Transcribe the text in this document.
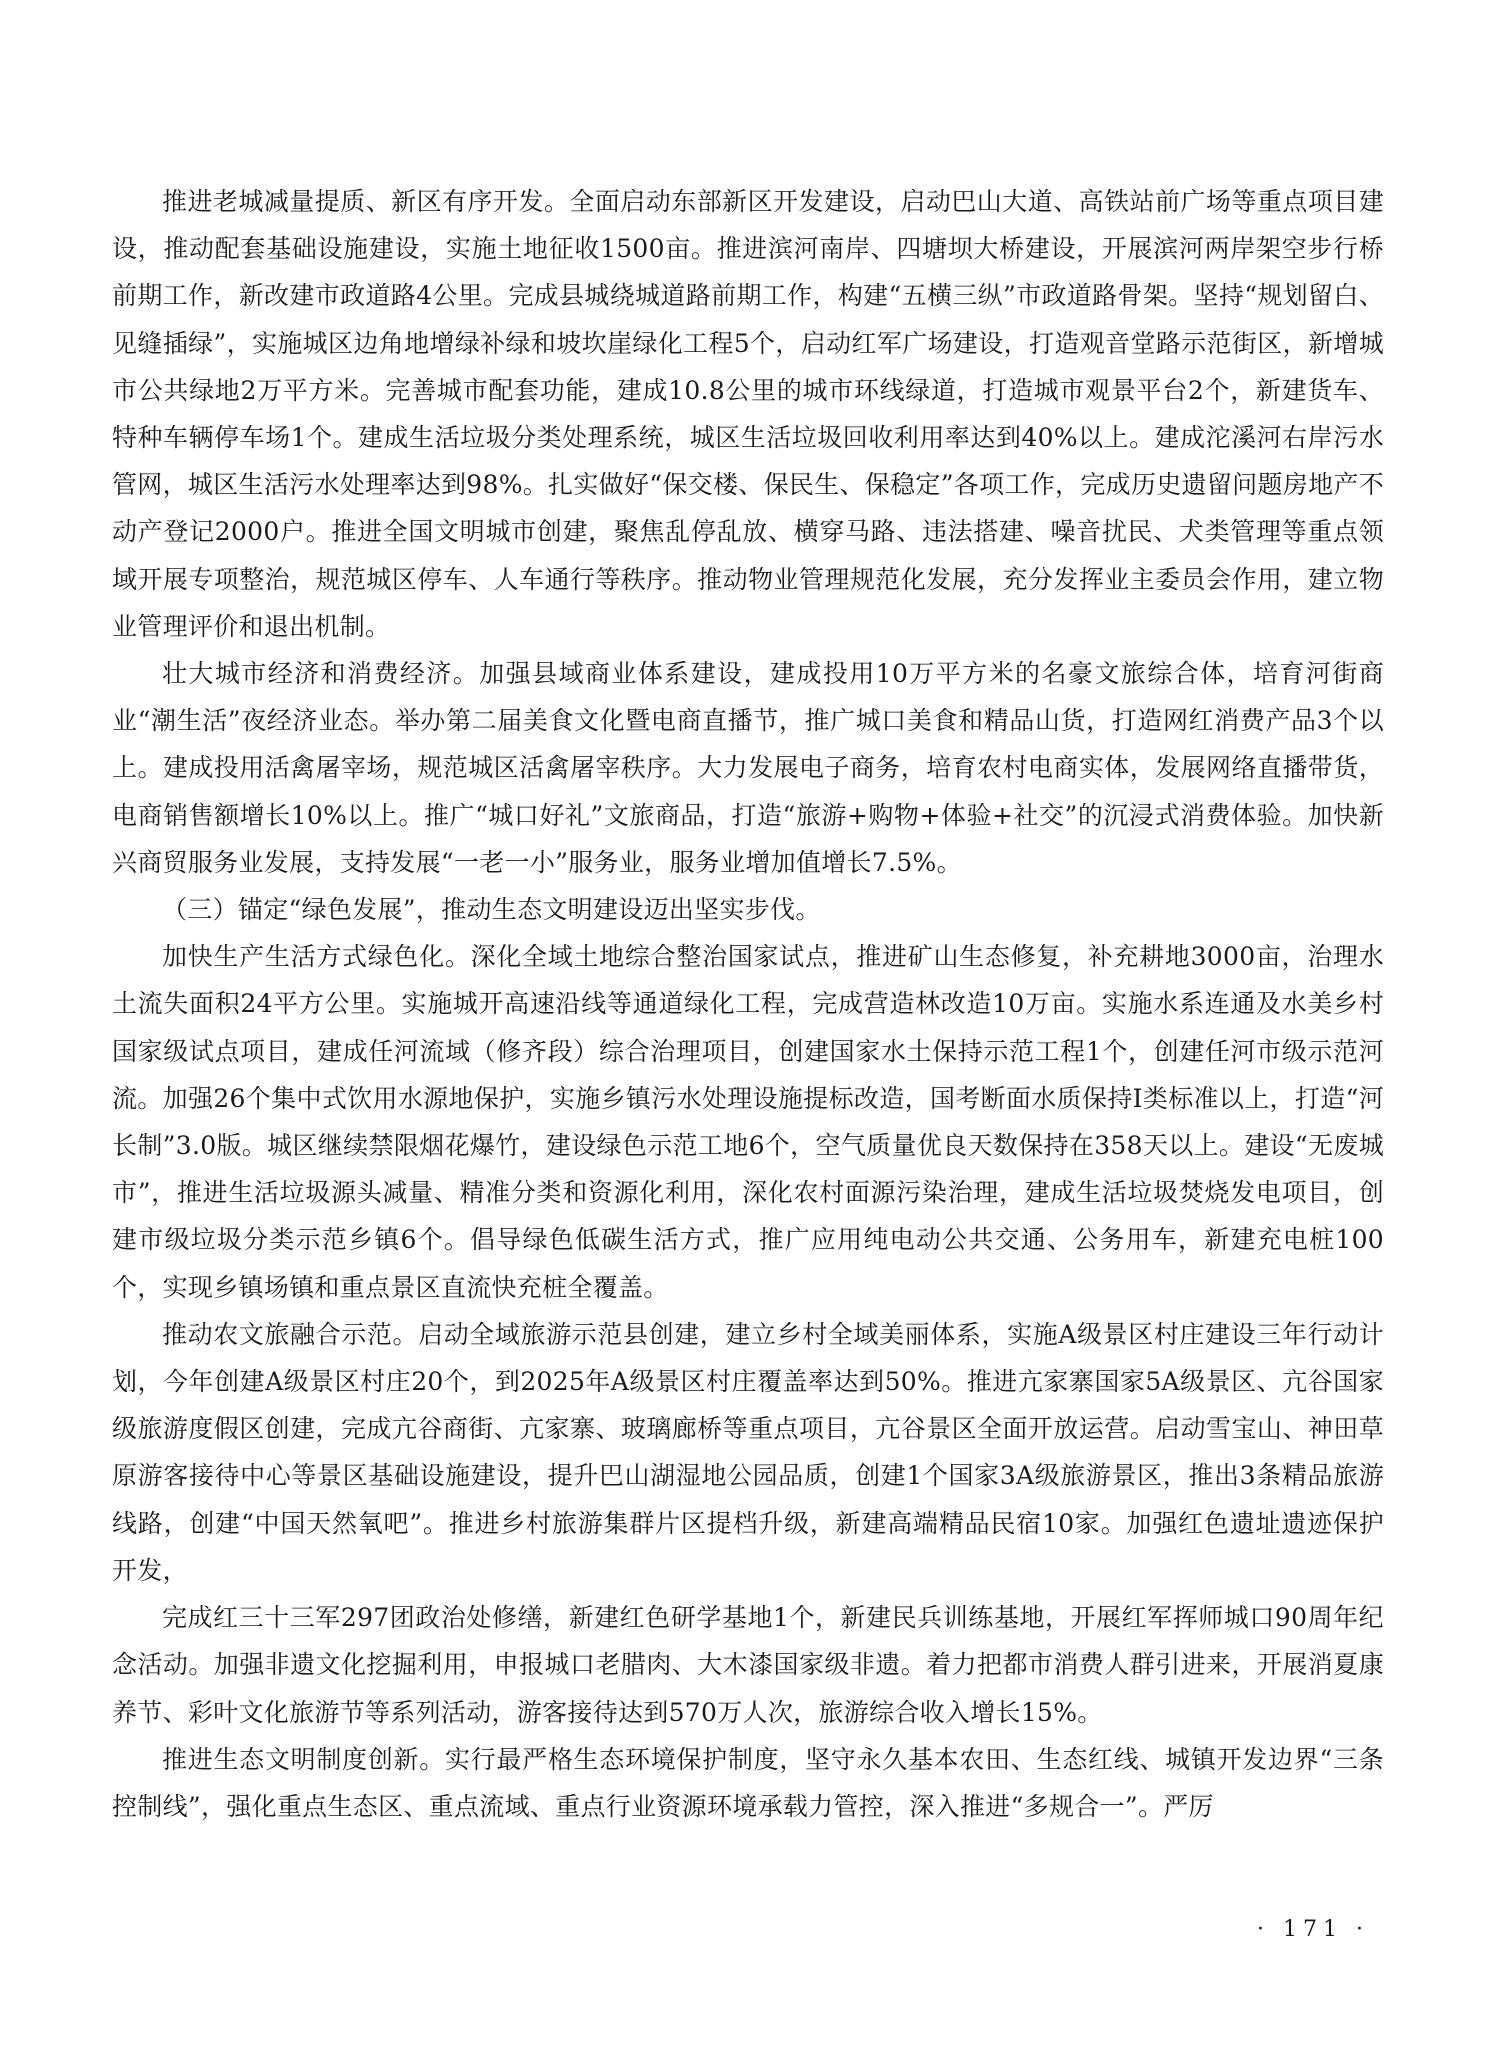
推进老城减量提质、新区有序开发。全面启动东部新区开发建设，启动巴山大道、高铁站前广场等重点项目建设，推动配套基础设施建设，实施土地征收1500亩。推进滨河南岸、四塘坝大桥建设，开展滨河两岸架空步行桥前期工作，新改建市政道路4公里。完成县城绕城道路前期工作，构建“五横三纵”市政道路骨架。坚持“规划留白、见缝插绿”，实施城区边角地增绿补绿和坡坎崖绿化工程5个，启动红军广场建设，打造观音堂路示范街区，新增城市公共绿地2万平方米。完善城市配套功能，建成10.8公里的城市环线绿道，打造城市观景平台2个，新建货车、特种车辆停车场1个。建成生活垃圾分类处理系统，城区生活垃圾回收利用率达到40%以上。建成沱溪河右岸污水管网，城区生活污水处理率达到98%。扎实做好“保交楼、保民生、保稳定”各项工作，完成历史遗留问题房地产不动产登记2000户。推进全国文明城市创建，聚焦乱停乱放、横穿马路、违法搭建、噪音扰民、犬类管理等重点领域开展专项整治，规范城区停车、人车通行等秩序。推动物业管理规范化发展，充分发挥业主委员会作用，建立物业管理评价和退出机制。

壮大城市经济和消费经济。加强县域商业体系建设，建成投用10万平方米的名豪文旅综合体，培育河街商业“潮生活”夜经济业态。举办第二届美食文化暨电商直播节，推广城口美食和精品山货，打造网红消费产品3个以上。建成投用活禽屠宰场，规范城区活禽屠宰秩序。大力发展电子商务，培育农村电商实体，发展网络直播带货，电商销售额增长10%以上。推广“城口好礼”文旅商品，打造“旅游+购物+体验+社交”的沉浸式消费体验。加快新兴商贸服务业发展，支持发展“一老一小”服务业，服务业增加值增长7.5%。

（三）锚定“绿色发展”，推动生态文明建设迈出坚实步伐。

加快生产生活方式绿色化。深化全域土地综合整治国家试点，推进矿山生态修复，补充耕地3000亩，治理水土流失面积24平方公里。实施城开高速沿线等通道绿化工程，完成营造林改造10万亩。实施水系连通及水美乡村国家级试点项目，建成任河流域（修齐段）综合治理项目，创建国家水土保持示范工程1个，创建任河市级示范河流。加强26个集中式饮用水源地保护，实施乡镇污水处理设施提标改造，国考断面水质保持Ⅰ类标准以上，打造“河长制”3.0版。城区继续禁限烟花爆竹，建设绿色示范工地6个，空气质量优良天数保持在358天以上。建设“无废城市”，推进生活垃圾源头减量、精准分类和资源化利用，深化农村面源污染治理，建成生活垃圾焚烧发电项目，创建市级垃圾分类示范乡镇6个。倡导绿色低碳生活方式，推广应用纯电动公共交通、公务用车，新建充电桩100个，实现乡镇场镇和重点景区直流快充桩全覆盖。

推动农文旅融合示范。启动全域旅游示范县创建，建立乡村全域美丽体系，实施A级景区村庄建设三年行动计划，今年创建A级景区村庄20个，到2025年A级景区村庄覆盖率达到50%。推进亢家寨国家5A级景区、亢谷国家级旅游度假区创建，完成亢谷商街、亢家寨、玻璃廊桥等重点项目，亢谷景区全面开放运营。启动雪宝山、神田草原游客接待中心等景区基础设施建设，提升巴山湖湿地公园品质，创建1个国家3A级旅游景区，推出3条精品旅游线路，创建“中国天然氧吧”。推进乡村旅游集群片区提档升级，新建高端精品民宿10家。加强红色遗址遗迹保护开发，

完成红三十三军297团政治处修缮，新建红色研学基地1个，新建民兵训练基地，开展红军挥师城口90周年纪念活动。加强非遗文化挖掘利用，申报城口老腊肉、大木漆国家级非遗。着力把都市消费人群引进来，开展消夏康养节、彩叶文化旅游节等系列活动，游客接待达到570万人次，旅游综合收入增长15%。

推进生态文明制度创新。实行最严格生态环境保护制度，坚守永久基本农田、生态红线、城镇开发边界“三条控制线”，强化重点生态区、重点流域、重点行业资源环境承载力管控，深入推进“多规合一”。严厉

· 171 ·
